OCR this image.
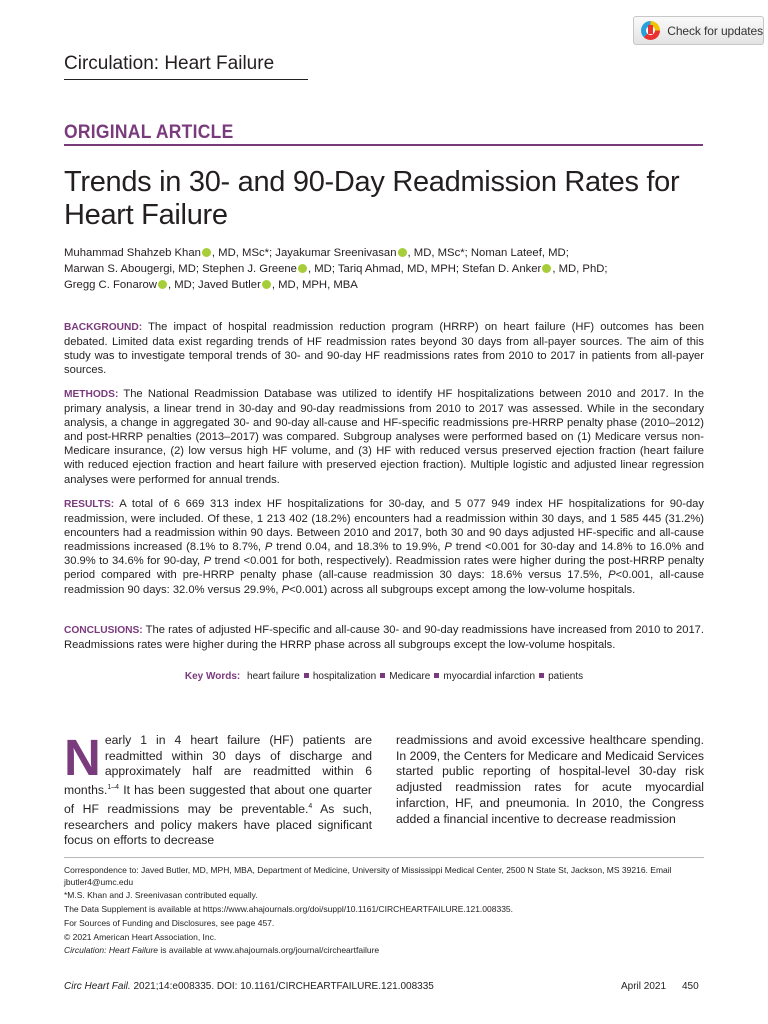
Check for updates
Circulation: Heart Failure
ORIGINAL ARTICLE
Trends in 30- and 90-Day Readmission Rates for Heart Failure
Muhammad Shahzeb Khan , MD, MSc*; Jayakumar Sreenivasan , MD, MSc*; Noman Lateef, MD;
Marwan S. Abougergi, MD; Stephen J. Greene , MD; Tariq Ahmad, MD, MPH; Stefan D. Anker , MD, PhD;
Gregg C. Fonarow , MD; Javed Butler , MD, MPH, MBA
BACKGROUND: The impact of hospital readmission reduction program (HRRP) on heart failure (HF) outcomes has been debated. Limited data exist regarding trends of HF readmission rates beyond 30 days from all-payer sources. The aim of this study was to investigate temporal trends of 30- and 90-day HF readmissions rates from 2010 to 2017 in patients from all-payer sources.
METHODS: The National Readmission Database was utilized to identify HF hospitalizations between 2010 and 2017. In the primary analysis, a linear trend in 30-day and 90-day readmissions from 2010 to 2017 was assessed. While in the secondary analysis, a change in aggregated 30- and 90-day all-cause and HF-specific readmissions pre-HRRP penalty phase (2010–2012) and post-HRRP penalties (2013–2017) was compared. Subgroup analyses were performed based on (1) Medicare versus non-Medicare insurance, (2) low versus high HF volume, and (3) HF with reduced versus preserved ejection fraction (heart failure with reduced ejection fraction and heart failure with preserved ejection fraction). Multiple logistic and adjusted linear regression analyses were performed for annual trends.
RESULTS: A total of 6 669 313 index HF hospitalizations for 30-day, and 5 077 949 index HF hospitalizations for 90-day readmission, were included. Of these, 1 213 402 (18.2%) encounters had a readmission within 30 days, and 1 585 445 (31.2%) encounters had a readmission within 90 days. Between 2010 and 2017, both 30 and 90 days adjusted HF-specific and all-cause readmissions increased (8.1% to 8.7%, P trend 0.04, and 18.3% to 19.9%, P trend <0.001 for 30-day and 14.8% to 16.0% and 30.9% to 34.6% for 90-day, P trend <0.001 for both, respectively). Readmission rates were higher during the post-HRRP penalty period compared with pre-HRRP penalty phase (all-cause readmission 30 days: 18.6% versus 17.5%, P<0.001, all-cause readmission 90 days: 32.0% versus 29.9%, P<0.001) across all subgroups except among the low-volume hospitals.
CONCLUSIONS: The rates of adjusted HF-specific and all-cause 30- and 90-day readmissions have increased from 2010 to 2017. Readmissions rates were higher during the HRRP phase across all subgroups except the low-volume hospitals.
Key Words: heart failure hospitalization Medicare myocardial infarction patients
Nearly 1 in 4 heart failure (HF) patients are readmitted within 30 days of discharge and approximately half are readmitted within 6 months.$^{1-4}$ It has been suggested that about one quarter of HF readmissions may be preventable.$^4$ As such, researchers and policy makers have placed significant focus on efforts to decrease
readmissions and avoid excessive healthcare spending. In 2009, the Centers for Medicare and Medicaid Services started public reporting of hospital-level 30-day risk adjusted readmission rates for acute myocardial infarction, HF, and pneumonia. In 2010, the Congress added a financial incentive to decrease readmission
Correspondence to: Javed Butler, MD, MPH, MBA, Department of Medicine, University of Mississippi Medical Center, 2500 N State St, Jackson, MS 39216. Email jbutler4@umc.edu
*M.S. Khan and J. Sreenivasan contributed equally.
The Data Supplement is available at https://www.ahajournals.org/doi/suppl/10.1161/CIRCHEARTFAILURE.121.008335.
For Sources of Funding and Disclosures, see page 457.
© 2021 American Heart Association, Inc.
Circulation: Heart Failure is available at www.ahajournals.org/journal/circheartfailure
Circ Heart Fail. 2021;14:e008335. DOI: 10.1161/CIRCHEARTFAILURE.121.008335	April 2021 450
